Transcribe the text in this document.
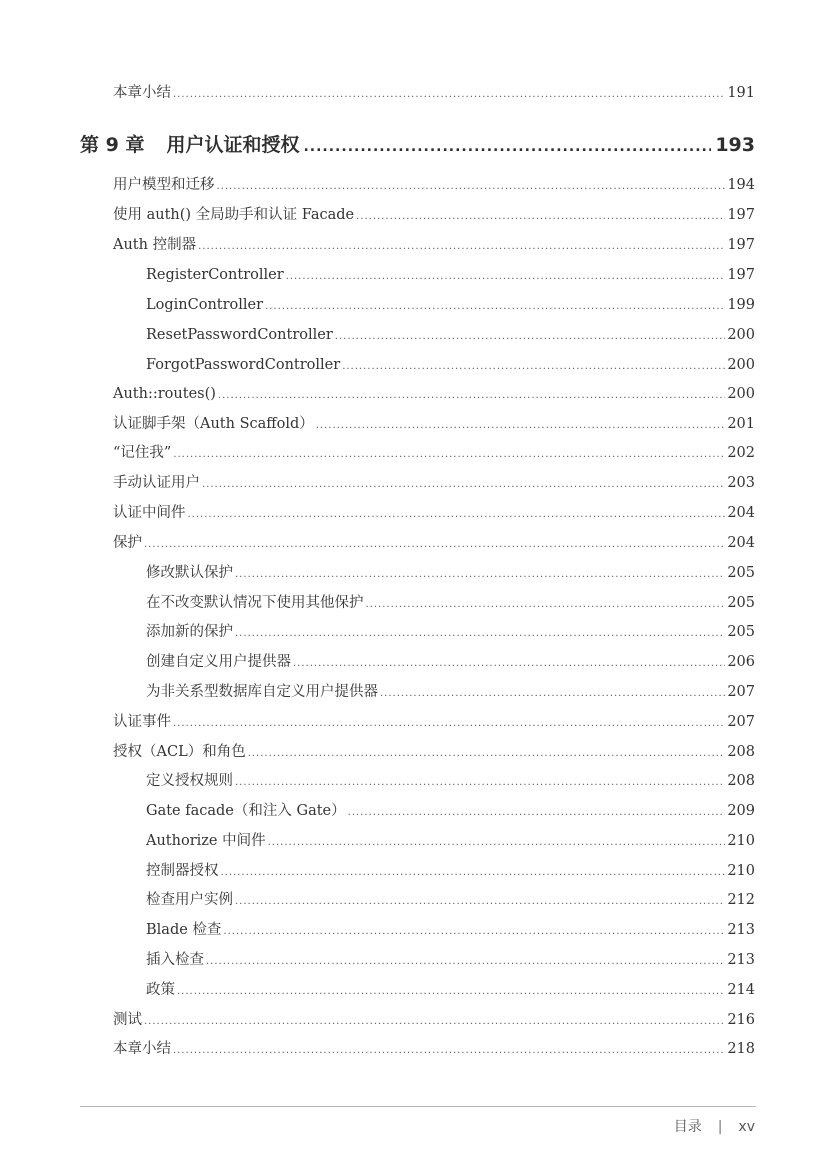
本章小结 .....	191
第 9 章 用户认证和授权 .....	193
用户模型和迁移 .....	194
使用 auth() 全局助手和认证 Facade .....	197
Auth 控制器 .....	197
RegisterController .....	197
LoginController .....	199
ResetPasswordController .....	200
ForgotPasswordController .....	200
Auth::routes() .....	200
认证脚手架（Auth Scaffold） .....	201
“记住我” .....	202
手动认证用户 .....	203
认证中间件 .....	204
保护 .....	204
修改默认保护 .....	205
在不改变默认情况下使用其他保护 .....	205
添加新的保护 .....	205
创建自定义用户提供器 .....	206
为非关系型数据库自定义用户提供器 .....	207
认证事件 .....	207
授权（ACL）和角色 .....	208
定义授权规则 .....	208
Gate facade（和注入 Gate） .....	209
Authorize 中间件 .....	210
控制器授权 .....	210
检查用户实例 .....	212
Blade 检查 .....	213
插入检查 .....	213
政策 .....	214
测试 .....	216
本章小结 .....	218
目录 | xv
